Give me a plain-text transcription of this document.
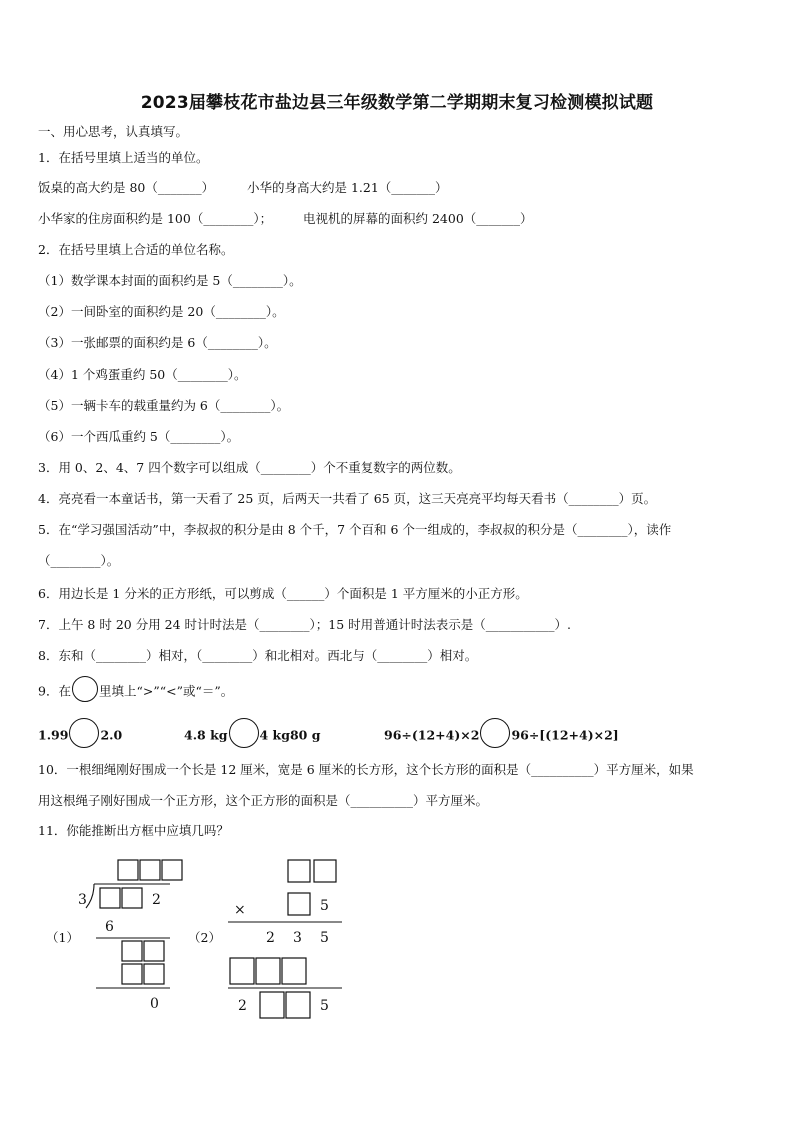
2023届攀枝花市盐边县三年级数学第二学期期末复习检测模拟试题
一、用心思考，认真填写。
1．在括号里填上适当的单位。
饭桌的高大约是 80（_______）	小华的身高大约是 1.21（_______）
小华家的住房面积约是 100（________）； 电视机的屏幕的面积约 2400（_______）
2．在括号里填上合适的单位名称。
（1）数学课本封面的面积约是 5（________）。
（2）一间卧室的面积约是 20（________）。
（3）一张邮票的面积约是 6（________）。
（4）1 个鸡蛋重约 50（________）。
（5）一辆卡车的载重量约为 6（________）。
（6）一个西瓜重约 5（________）。
3．用 0、2、4、7 四个数字可以组成（________）个不重复数字的两位数。
4．亮亮看一本童话书，第一天看了 25 页，后两天一共看了 65 页，这三天亮亮平均每天看书（________）页。
5．在“学习强国活动”中，李叔叔的积分是由 8 个千，7 个百和 6 个一组成的，李叔叔的积分是（________），读作
（________）。
6．用边长是 1 分米的正方形纸，可以剪成（______）个面积是 1 平方厘米的小正方形。
7．上午 8 时 20 分用 24 时计时法是（________）；15 时用普通计时法表示是（___________）.
8．东和（________）相对，（________）和北相对。西北与（________）相对。
9．在 里填上“>”“<”或“＝”。
1.99	2.0	4.8 kg	4 kg80 g	96÷(12+4)×2	96÷[(12+4)×2]
10．一根细绳刚好围成一个长是 12 厘米，宽是 6 厘米的长方形，这个长方形的面积是（__________）平方厘米，如果
用这根绳子刚好围成一个正方形，这个正方形的面积是（__________）平方厘米。
11．你能推断出方框中应填几吗？
（1）
3	2
6
0
（2）
×	5
2 3 5
2	5
